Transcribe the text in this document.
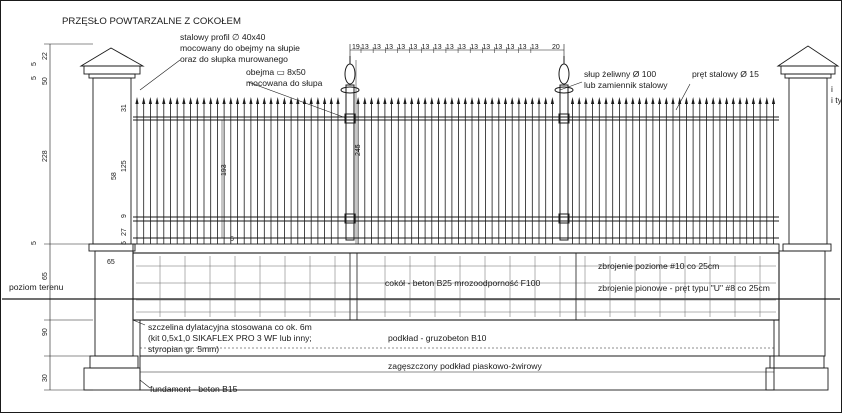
PRZĘSŁO POWTARZALNE Z COKOŁEM
19 13 13 13 13 13 13 13 13 13 13 13 13 13 13 13 20
5
22
5 50
31
228
125
58
9
27
5
5
65
90
30
193
245
5
65
stalowy profil ∅ 40x40
mocowany do obejmy na słupie
oraz do słupka murowanego
obejma ▭ 8x50
mocowana do słupa
słup żeliwny Ø 100
lub zamiennik stalowy
pręt stalowy Ø 15
i
i ty
cokół - beton B25 mrozoodporność F100
zbrojenie poziome #10 co 25cm
zbrojenie pionowe - pręt typu "U" #8 co 25cm
poziom terenu
szczelina dylatacyjna stosowana co ok. 6m
(kit 0,5x1,0 SIKAFLEX PRO 3 WF lub inny;
styropian gr. 5mm)
podkład - gruzobeton B10
zagęszczony podkład piaskowo-żwirowy
fundament - beton B15
